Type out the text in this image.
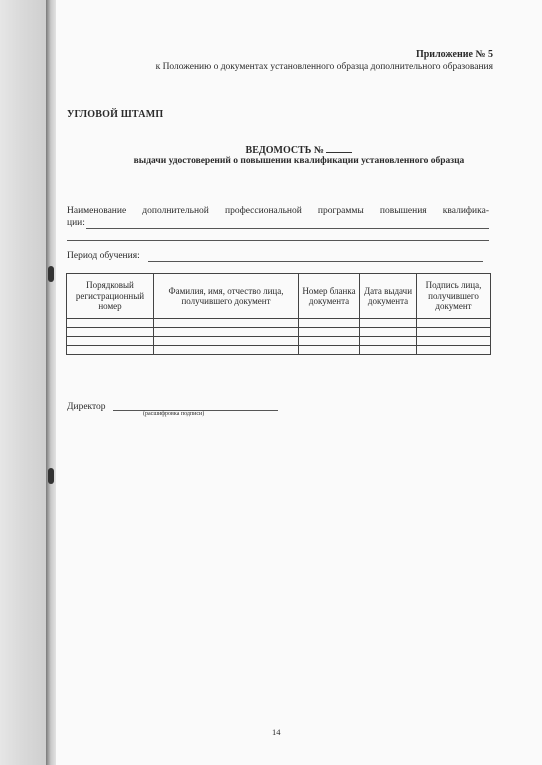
Приложение № 5
к Положению о документах установленного образца дополнительного образования
УГЛОВОЙ ШТАМП
ВЕДОМОСТЬ №
выдачи удостоверений о повышении квалификации установленного образца
Наименование дополнительной профессиональной программы повышения квалифика-
ции:
Период обучения:
Порядковый регистрационный номер	Фамилия, имя, отчество лица, получившего документ	Номер бланка документа	Дата выдачи документа	Подпись лица, получившего документ

Директор
(расшифровка подписи)
14
